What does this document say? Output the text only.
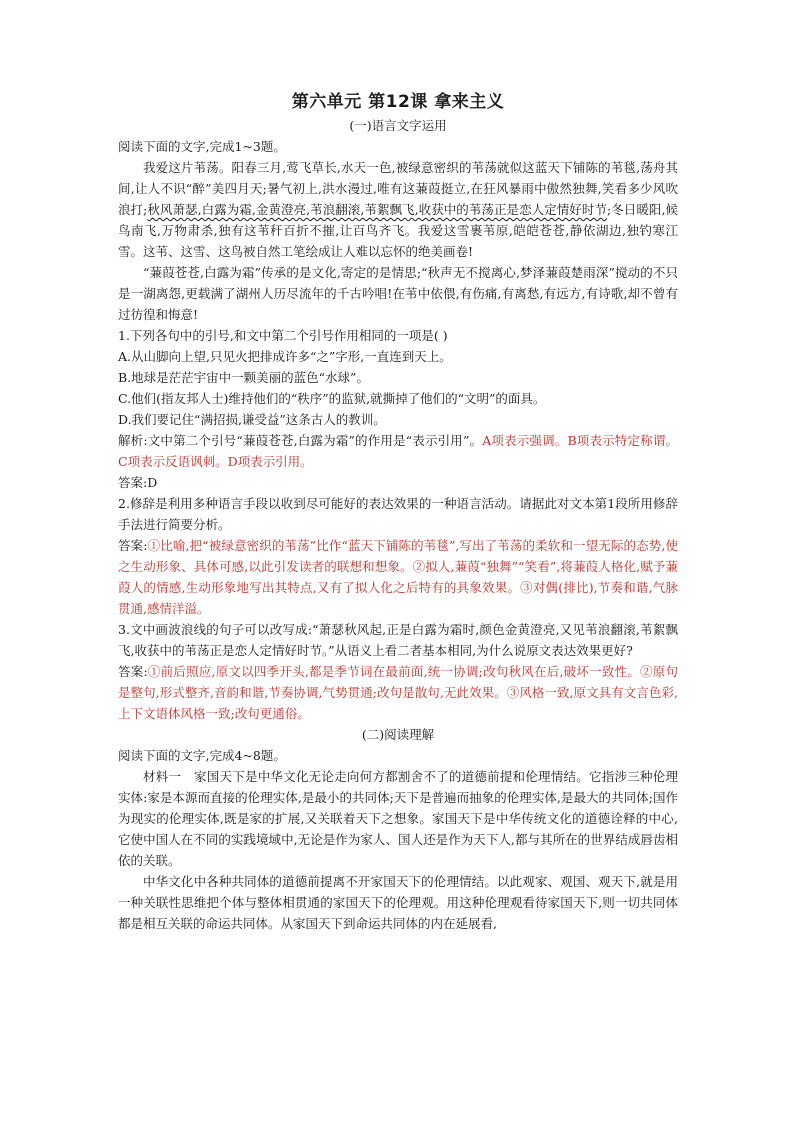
第六单元 第12课 拿来主义
(一)语言文字运用

阅读下面的文字,完成1~3题。

我爱这片苇荡。阳春三月,莺飞草长,水天一色,被绿意密织的苇荡就似这蓝天下铺陈的苇毯,荡舟其间,让人不识“醉”美四月天;暑气初上,洪水漫过,唯有这蒹葭挺立,在狂风暴雨中傲然独舞,笑看多少风吹浪打;秋风萧瑟,白露为霜,金黄澄亮,苇浪翻滚,苇絮飘飞,收获中的苇荡正是恋人定情好时节;冬日暖阳,候鸟南飞,万物肃杀,独有这苇秆百折不摧,让百鸟齐飞。我爱这雪裹苇原,皑皑苍苍,静依湖边,独钓寒江雪。这苇、这雪、这鸟被自然工笔绘成让人难以忘怀的绝美画卷!

“蒹葭苍苍,白露为霜”传承的是文化,寄定的是情思;“秋声无不搅离心,梦泽蒹葭楚雨深”搅动的不只是一湖离怨,更载满了湖州人历尽流年的千古吟唱!在苇中依偎,有伤痛,有离愁,有远方,有诗歌,却不曾有过彷徨和悔意!

1.下列各句中的引号,和文中第二个引号作用相同的一项是( )

A.从山脚向上望,只见火把排成许多“之”字形,一直连到天上。

B.地球是茫茫宇宙中一颗美丽的蓝色“水球”。

C.他们(指友邦人士)维持他们的“秩序”的监狱,就撕掉了他们的“文明”的面具。

D.我们要记住“满招损,谦受益”这条古人的教训。

解析:文中第二个引号“蒹葭苍苍,白露为霜”的作用是“表示引用”。A项表示强调。B项表示特定称谓。C项表示反语讽刺。D项表示引用。

答案:D

2.修辞是利用多种语言手段以收到尽可能好的表达效果的一种语言活动。请据此对文本第1段所用修辞手法进行简要分析。

答案:①比喻,把“被绿意密织的苇荡”比作“蓝天下铺陈的苇毯”,写出了苇荡的柔软和一望无际的态势,使之生动形象、具体可感,以此引发读者的联想和想象。②拟人,蒹葭“独舞”“笑看”,将蒹葭人格化,赋予蒹葭人的情感,生动形象地写出其特点,又有了拟人化之后特有的具象效果。③对偶(排比),节奏和谐,气脉贯通,感情洋溢。

3.文中画波浪线的句子可以改写成:“萧瑟秋风起,正是白露为霜时,颜色金黄澄亮,又见苇浪翻滚,苇絮飘飞,收获中的苇荡正是恋人定情好时节。”从语义上看二者基本相同,为什么说原文表达效果更好?

答案:①前后照应,原文以四季开头,都是季节词在最前面,统一协调;改句秋风在后,破坏一致性。②原句是整句,形式整齐,音韵和谐,节奏协调,气势贯通;改句是散句,无此效果。③风格一致,原文具有文言色彩,上下文语体风格一致;改句更通俗。

(二)阅读理解

阅读下面的文字,完成4~8题。

材料一  家国天下是中华文化无论走向何方都割舍不了的道德前提和伦理情结。它指涉三种伦理实体:家是本源而直接的伦理实体,是最小的共同体;天下是普遍而抽象的伦理实体,是最大的共同体;国作为现实的伦理实体,既是家的扩展,又关联着天下之想象。家国天下是中华传统文化的道德诠释的中心,它使中国人在不同的实践境域中,无论是作为家人、国人还是作为天下人,都与其所在的世界结成唇齿相依的关联。

中华文化中各种共同体的道德前提离不开家国天下的伦理情结。以此观家、观国、观天下,就是用一种关联性思维把个体与整体相贯通的家国天下的伦理观。用这种伦理观看待家国天下,则一切共同体都是相互关联的命运共同体。从家国天下到命运共同体的内在延展看,
